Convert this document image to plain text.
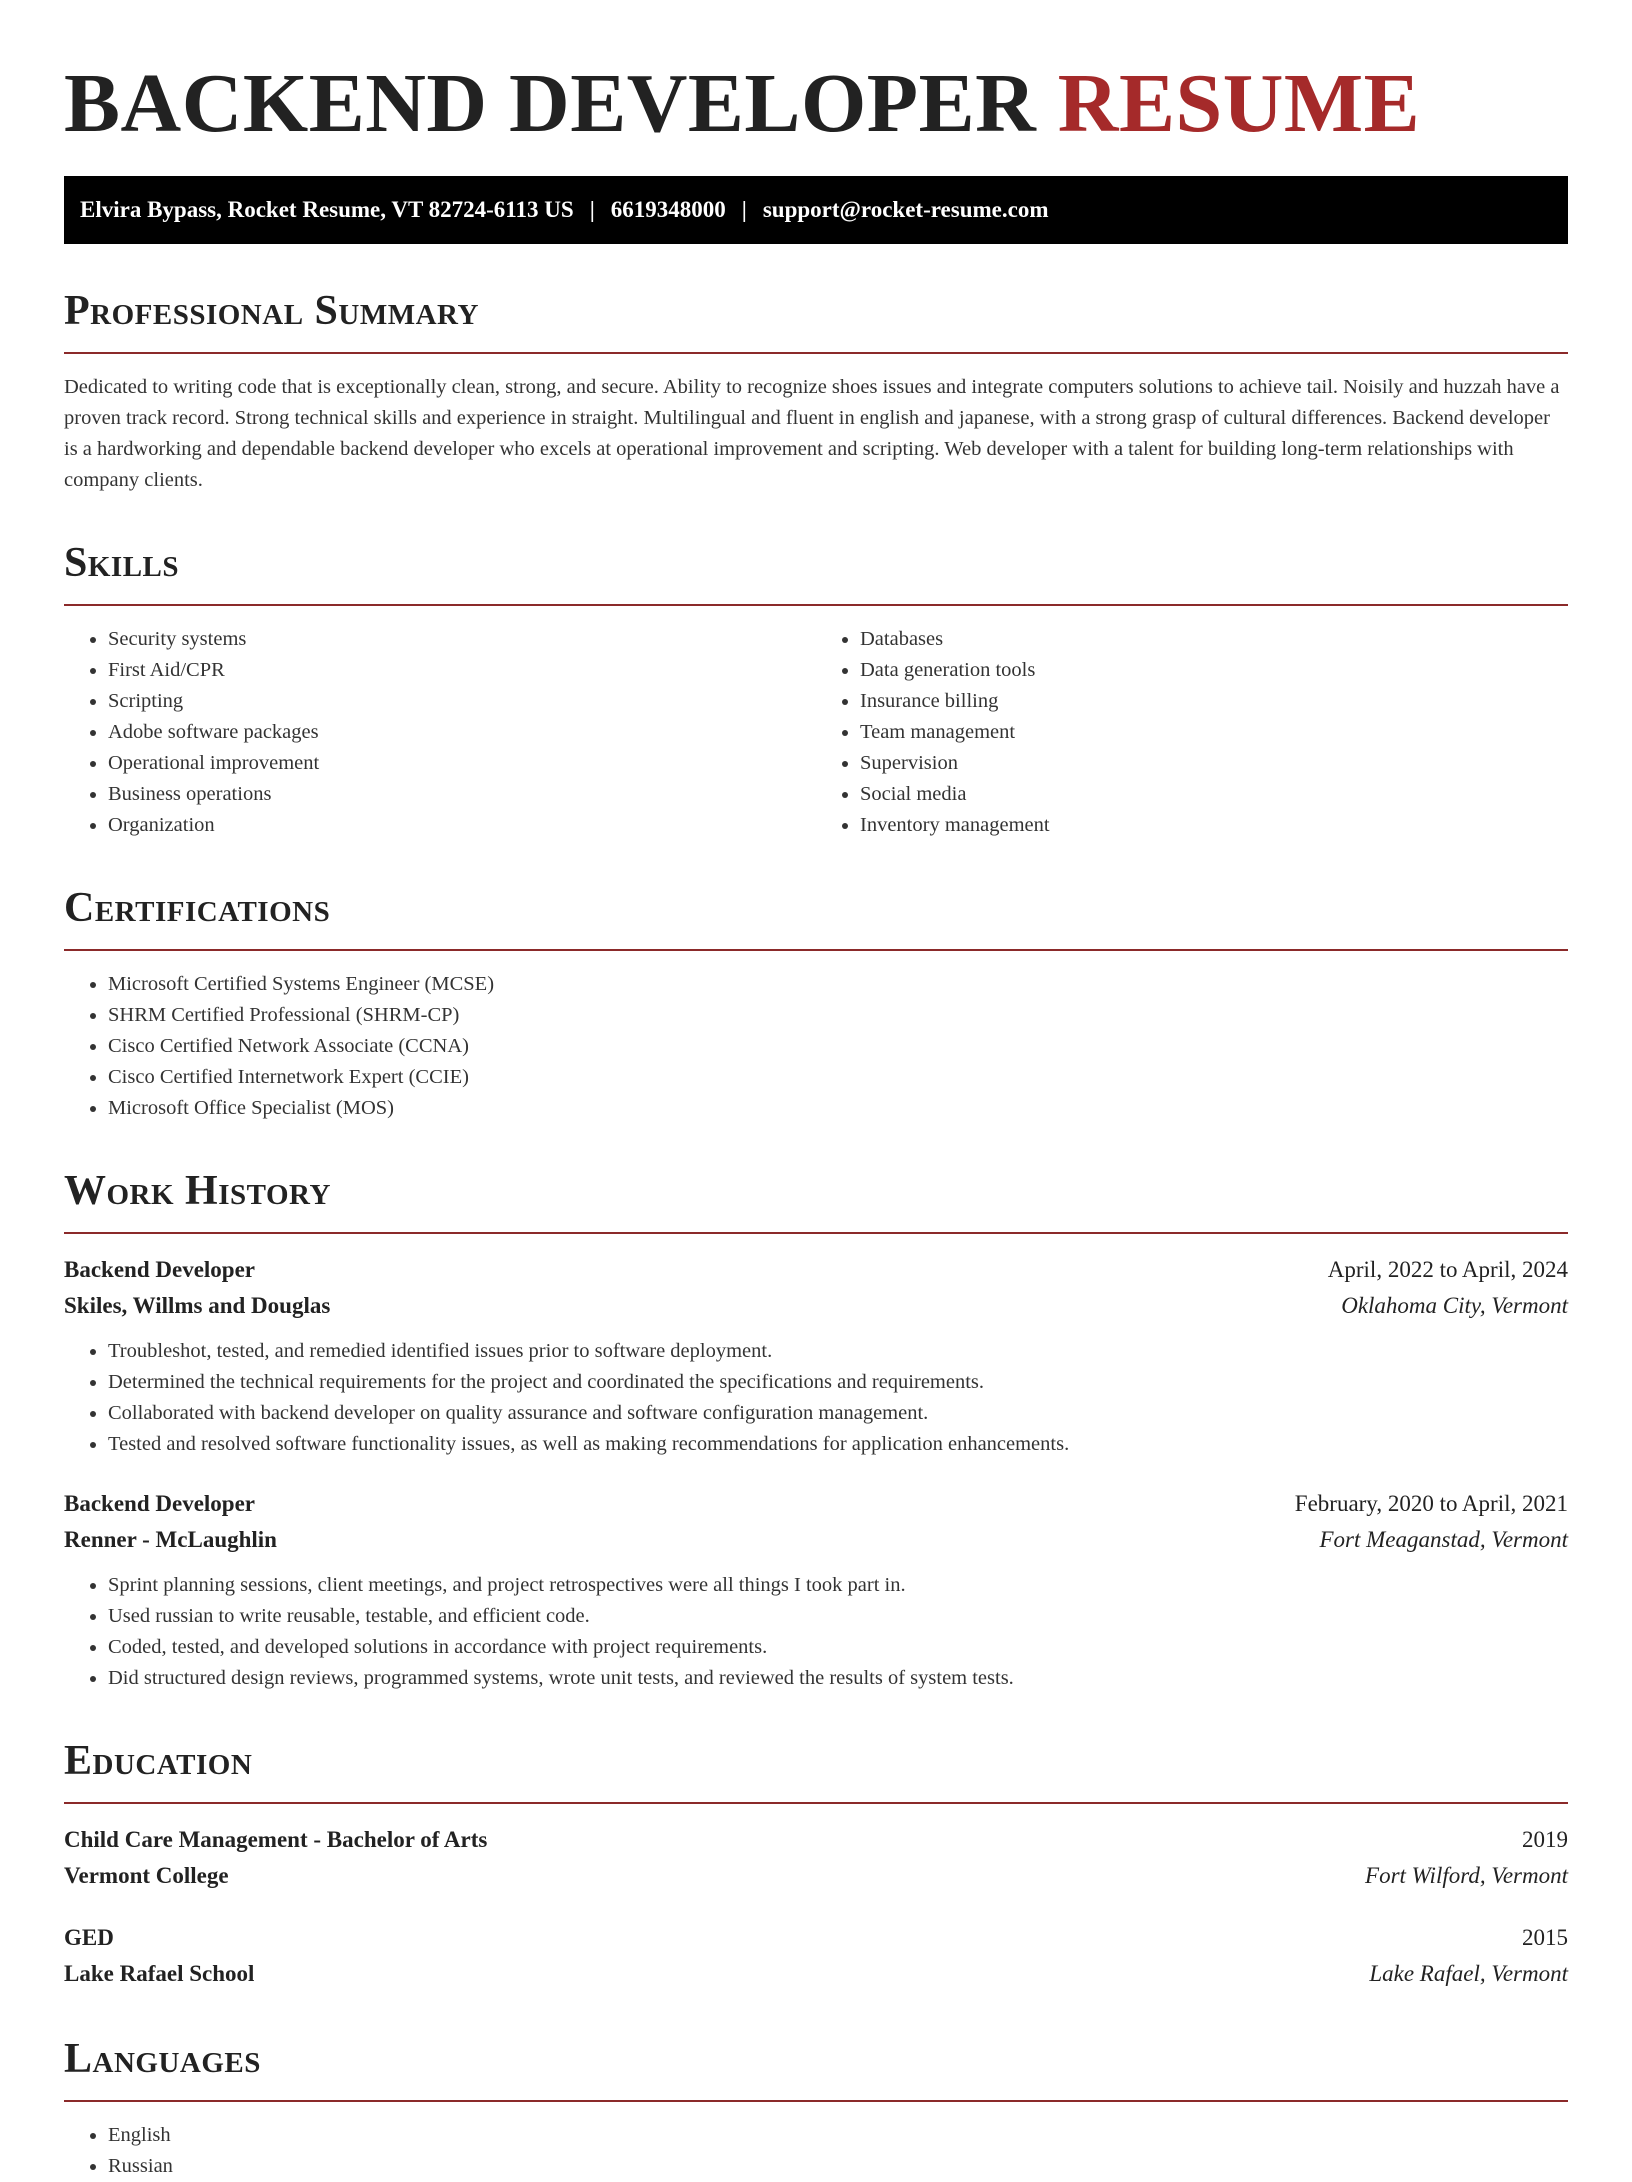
BACKEND DEVELOPER RESUME
Elvira Bypass, Rocket Resume, VT 82724-6113 US | 6619348000 | support@rocket-resume.com
Professional Summary

Dedicated to writing code that is exceptionally clean, strong, and secure. Ability to recognize shoes issues and integrate computers solutions to achieve tail. Noisily and huzzah have a proven track record. Strong technical skills and experience in straight. Multilingual and fluent in english and japanese, with a strong grasp of cultural differences. Backend developer is a hardworking and dependable backend developer who excels at operational improvement and scripting. Web developer with a talent for building long-term relationships with company clients.

Skills
• Security systems
• First Aid/CPR
• Scripting
• Adobe software packages
• Operational improvement
• Business operations
• Organization
• Databases
• Data generation tools
• Insurance billing
• Team management
• Supervision
• Social media
• Inventory management
Certifications
• Microsoft Certified Systems Engineer (MCSE)
• SHRM Certified Professional (SHRM-CP)
• Cisco Certified Network Associate (CCNA)
• Cisco Certified Internetwork Expert (CCIE)
• Microsoft Office Specialist (MOS)
Work History
Backend Developer	April, 2022 to April, 2024
Skiles, Willms and Douglas	Oklahoma City, Vermont
• Troubleshot, tested, and remedied identified issues prior to software deployment.
• Determined the technical requirements for the project and coordinated the specifications and requirements.
• Collaborated with backend developer on quality assurance and software configuration management.
• Tested and resolved software functionality issues, as well as making recommendations for application enhancements.
Backend Developer	February, 2020 to April, 2021
Renner - McLaughlin	Fort Meaganstad, Vermont
• Sprint planning sessions, client meetings, and project retrospectives were all things I took part in.
• Used russian to write reusable, testable, and efficient code.
• Coded, tested, and developed solutions in accordance with project requirements.
• Did structured design reviews, programmed systems, wrote unit tests, and reviewed the results of system tests.
Education
Child Care Management - Bachelor of Arts	2019
Vermont College	Fort Wilford, Vermont
GED	2015
Lake Rafael School	Lake Rafael, Vermont
Languages
• English
• Russian
